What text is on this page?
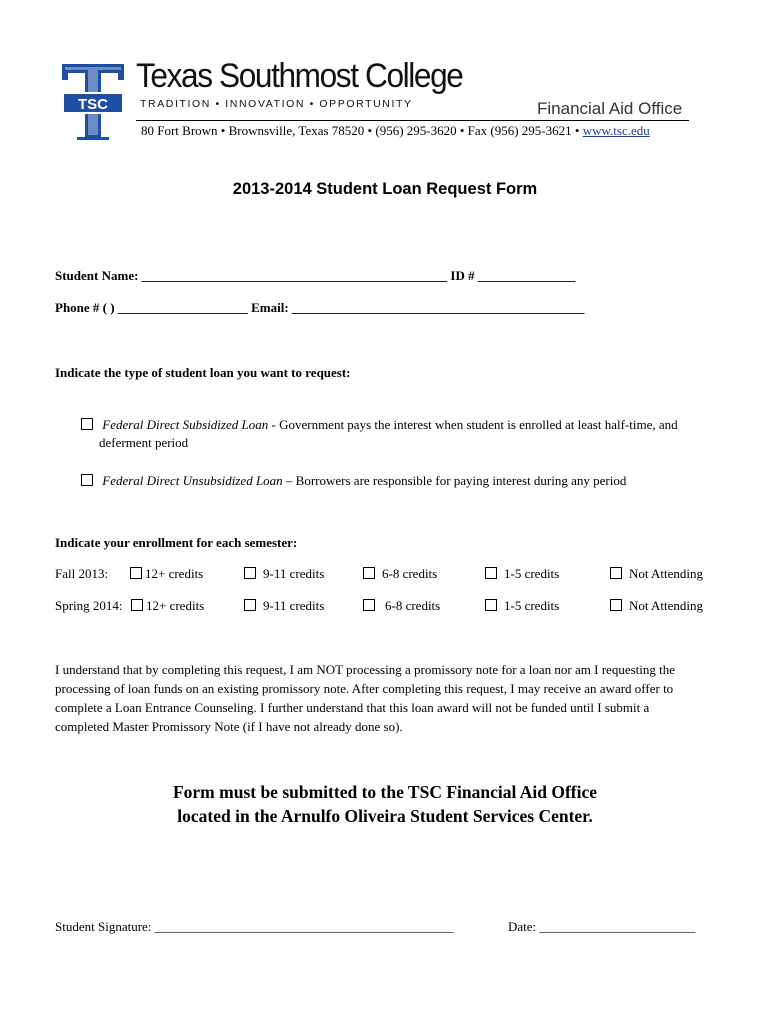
TSC
Texas Southmost College
TRADITION • INNOVATION • OPPORTUNITY	Financial Aid Office
80 Fort Brown • Brownsville, Texas 78520 • (956) 295-3620 • Fax (956) 295-3621 • www.tsc.edu
2013-2014 Student Loan Request Form
Student Name: _______________________________________________ ID # _______________
Phone # ( ) ____________________ Email: _____________________________________________
Indicate the type of student loan you want to request:
Federal Direct Subsidized Loan - Government pays the interest when student is enrolled at least half-time, and
deferment period
Federal Direct Unsubsidized Loan – Borrowers are responsible for paying interest during any period
Indicate your enrollment for each semester:
Fall 2013:	12+ credits	9-11 credits	6-8 credits	1-5 credits	Not Attending
Spring 2014:	12+ credits	9-11 credits	6-8 credits	1-5 credits	Not Attending
I understand that by completing this request, I am NOT processing a promissory note for a loan nor am I requesting the
processing of loan funds on an existing promissory note. After completing this request, I may receive an award offer to
complete a Loan Entrance Counseling. I further understand that this loan award will not be funded until I submit a
completed Master Promissory Note (if I have not already done so).
Form must be submitted to the TSC Financial Aid Office
located in the Arnulfo Oliveira Student Services Center.
Student Signature: ______________________________________________	Date: ________________________
